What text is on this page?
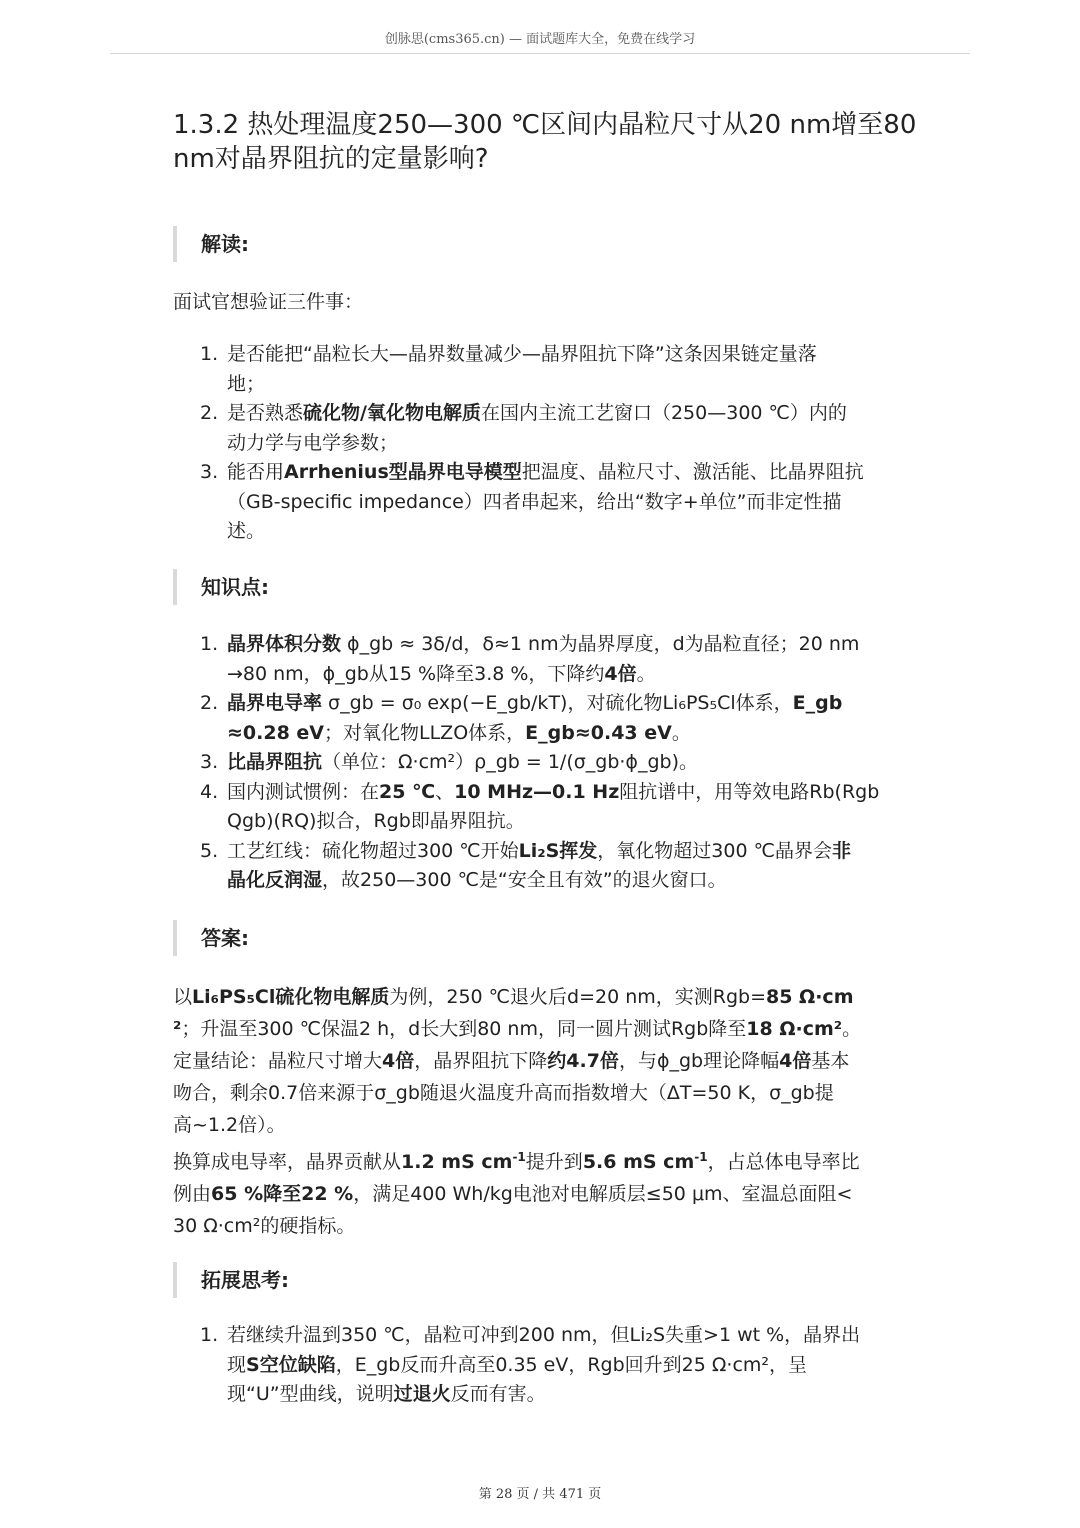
创脉思(cms365.cn) — 面试题库大全，免费在线学习
1.3.2 热处理温度250—300 ℃区间内晶粒尺寸从20 nm增至80
nm对晶界阻抗的定量影响?
解读:

面试官想验证三件事：

1. 是否能把“晶粒长大—晶界数量减少—晶界阻抗下降”这条因果链定量落
地；
2. 是否熟悉硫化物/氧化物电解质在国内主流工艺窗口（250—300 ℃）内的
动力学与电学参数；
3. 能否用Arrhenius型晶界电导模型把温度、晶粒尺寸、激活能、比晶界阻抗
（GB-specific impedance）四者串起来，给出“数字+单位”而非定性描
述。
知识点:
1. 晶界体积分数 ϕ_gb ≈ 3δ/d，δ≈1 nm为晶界厚度，d为晶粒直径；20 nm
→80 nm，ϕ_gb从15 %降至3.8 %，下降约4倍。
2. 晶界电导率 σ_gb = σ₀ exp(−E_gb/kT)，对硫化物Li₆PS₅Cl体系，E_gb
≈0.28 eV；对氧化物LLZO体系，E_gb≈0.43 eV。
3. 比晶界阻抗（单位：Ω·cm²）ρ_gb = 1/(σ_gb·ϕ_gb)。
4. 国内测试惯例：在25 ℃、10 MHz—0.1 Hz阻抗谱中，用等效电路Rb(Rgb
Qgb)(RQ)拟合，Rgb即晶界阻抗。
5. 工艺红线：硫化物超过300 ℃开始Li₂S挥发，氧化物超过300 ℃晶界会非
晶化反润湿，故250—300 ℃是“安全且有效”的退火窗口。
答案:
以Li₆PS₅Cl硫化物电解质为例，250 ℃退火后d=20 nm，实测Rgb=85 Ω·cm
²；升温至300 ℃保温2 h，d长大到80 nm，同一圆片测试Rgb降至18 Ω·cm²。
定量结论：晶粒尺寸增大4倍，晶界阻抗下降约4.7倍，与ϕ_gb理论降幅4倍基本
吻合，剩余0.7倍来源于σ_gb随退火温度升高而指数增大（ΔT=50 K，σ_gb提
高~1.2倍）。
换算成电导率，晶界贡献从1.2 mS $cm^{-1}$提升到5.6 mS $cm^{-1}$，占总体电导率比
例由65 %降至22 %，满足400 Wh/kg电池对电解质层≤50 μm、室温总面阻<
30 Ω·cm²的硬指标。
拓展思考:
1. 若继续升温到350 ℃，晶粒可冲到200 nm，但Li₂S失重>1 wt %，晶界出
现S空位缺陷，E_gb反而升高至0.35 eV，Rgb回升到25 Ω·cm²，呈
现“U”型曲线，说明过退火反而有害。
第 28 页 / 共 471 页
